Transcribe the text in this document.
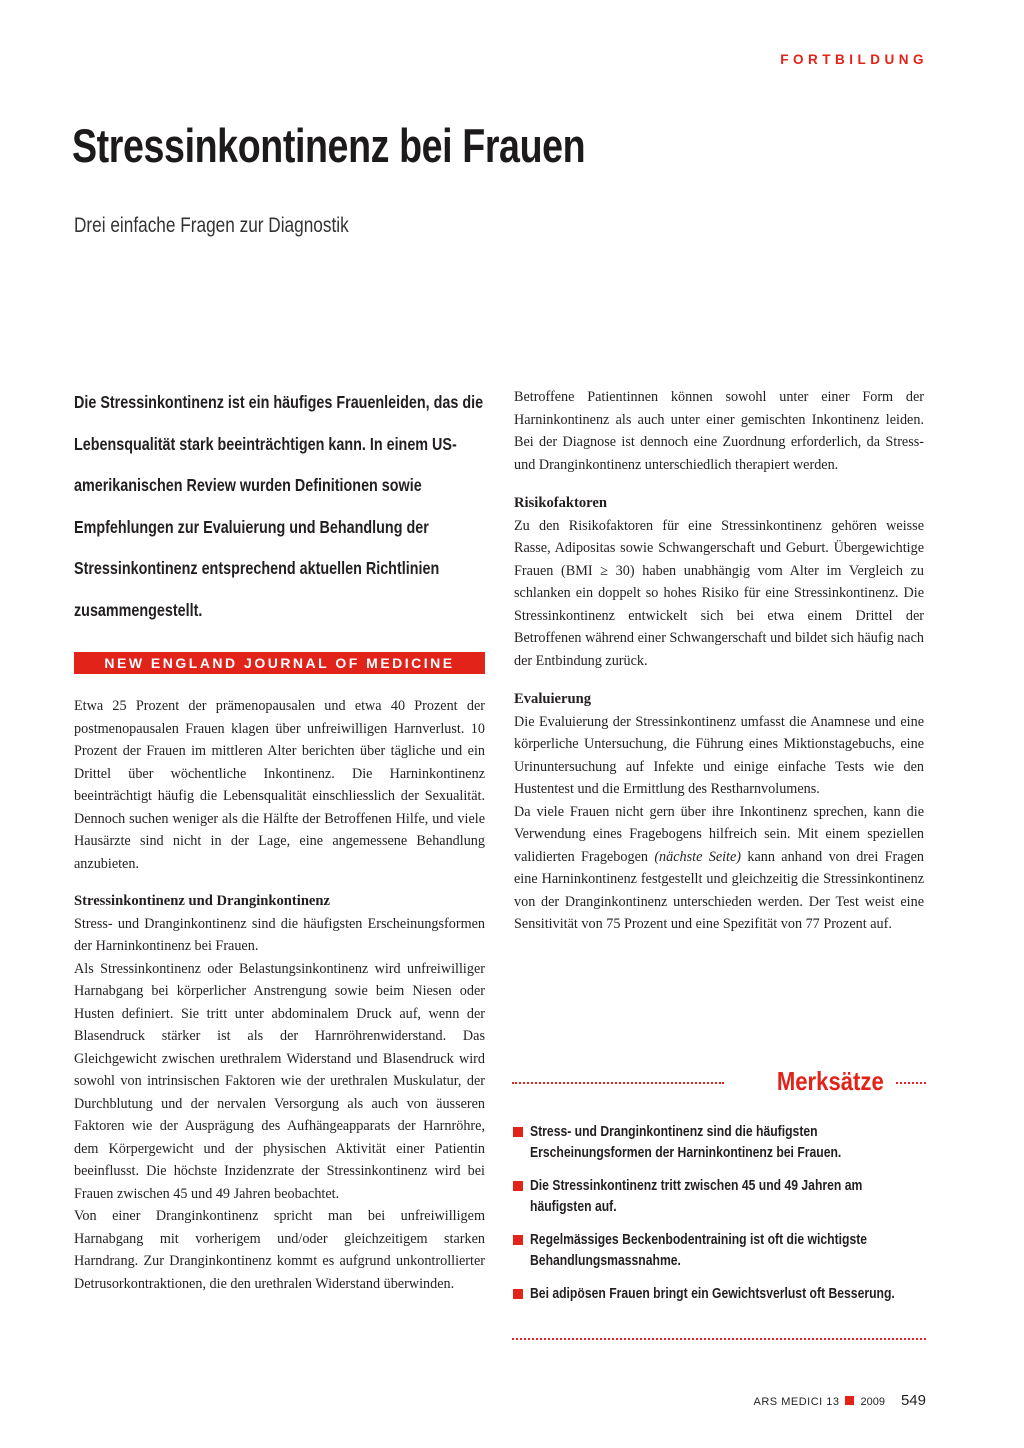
FORTBILDUNG
Stressinkontinenz bei Frauen
Drei einfache Fragen zur Diagnostik

Die Stressinkontinenz ist ein häufiges Frauenleiden, das die Lebensqualität stark beeinträchtigen kann. In einem US-amerikanischen Review wurden Definitionen sowie Empfehlungen zur Evaluierung und Behandlung der Stressinkontinenz entsprechend aktuellen Richtlinien zusammengestellt.

NEW ENGLAND JOURNAL OF MEDICINE

Etwa 25 Prozent der prämenopausalen und etwa 40 Prozent der postmenopausalen Frauen klagen über unfreiwilligen Harnverlust. 10 Prozent der Frauen im mittleren Alter berichten über tägliche und ein Drittel über wöchentliche Inkontinenz. Die Harninkontinenz beeinträchtigt häufig die Lebensqualität einschliesslich der Sexualität. Dennoch suchen weniger als die Hälfte der Betroffenen Hilfe, und viele Hausärzte sind nicht in der Lage, eine angemessene Behandlung anzubieten.

Stressinkontinenz und Dranginkontinenz

Stress- und Dranginkontinenz sind die häufigsten Erscheinungsformen der Harninkontinenz bei Frauen.

Als Stressinkontinenz oder Belastungsinkontinenz wird unfreiwilliger Harnabgang bei körperlicher Anstrengung sowie beim Niesen oder Husten definiert. Sie tritt unter abdominalem Druck auf, wenn der Blasendruck stärker ist als der Harnröhrenwiderstand. Das Gleichgewicht zwischen urethralem Widerstand und Blasendruck wird sowohl von intrinsischen Faktoren wie der urethralen Muskulatur, der Durchblutung und der nervalen Versorgung als auch von äusseren Faktoren wie der Ausprägung des Aufhängeapparats der Harnröhre, dem Körpergewicht und der physischen Aktivität einer Patientin beeinflusst. Die höchste Inzidenzrate der Stressinkontinenz wird bei Frauen zwischen 45 und 49 Jahren beobachtet.

Von einer Dranginkontinenz spricht man bei unfreiwilligem Harnabgang mit vorherigem und/oder gleichzeitigem starken Harndrang. Zur Dranginkontinenz kommt es aufgrund unkontrollierter Detrusorkontraktionen, die den urethralen Widerstand überwinden.

Betroffene Patientinnen können sowohl unter einer Form der Harninkontinenz als auch unter einer gemischten Inkontinenz leiden. Bei der Diagnose ist dennoch eine Zuordnung erforderlich, da Stress- und Dranginkontinenz unterschiedlich therapiert werden.

Risikofaktoren

Zu den Risikofaktoren für eine Stressinkontinenz gehören weisse Rasse, Adipositas sowie Schwangerschaft und Geburt. Übergewichtige Frauen (BMI ≥ 30) haben unabhängig vom Alter im Vergleich zu schlanken ein doppelt so hohes Risiko für eine Stressinkontinenz. Die Stressinkontinenz entwickelt sich bei etwa einem Drittel der Betroffenen während einer Schwangerschaft und bildet sich häufig nach der Entbindung zurück.

Evaluierung

Die Evaluierung der Stressinkontinenz umfasst die Anamnese und eine körperliche Untersuchung, die Führung eines Miktionstagebuchs, eine Urinuntersuchung auf Infekte und einige einfache Tests wie den Hustentest und die Ermittlung des Restharnvolumens.

Da viele Frauen nicht gern über ihre Inkontinenz sprechen, kann die Verwendung eines Fragebogens hilfreich sein. Mit einem speziellen validierten Fragebogen (nächste Seite) kann anhand von drei Fragen eine Harninkontinenz festgestellt und gleichzeitig die Stressinkontinenz von der Dranginkontinenz unterschieden werden. Der Test weist eine Sensitivität von 75 Prozent und eine Spezifität von 77 Prozent auf.

Merksätze
Stress- und Dranginkontinenz sind die häufigsten Erscheinungsformen der Harninkontinenz bei Frauen.
Die Stressinkontinenz tritt zwischen 45 und 49 Jahren am häufigsten auf.
Regelmässiges Beckenbodentraining ist oft die wichtigste Behandlungsmassnahme.
Bei adipösen Frauen bringt ein Gewichtsverlust oft Besserung.
ARS MEDICI 13 2009 549
